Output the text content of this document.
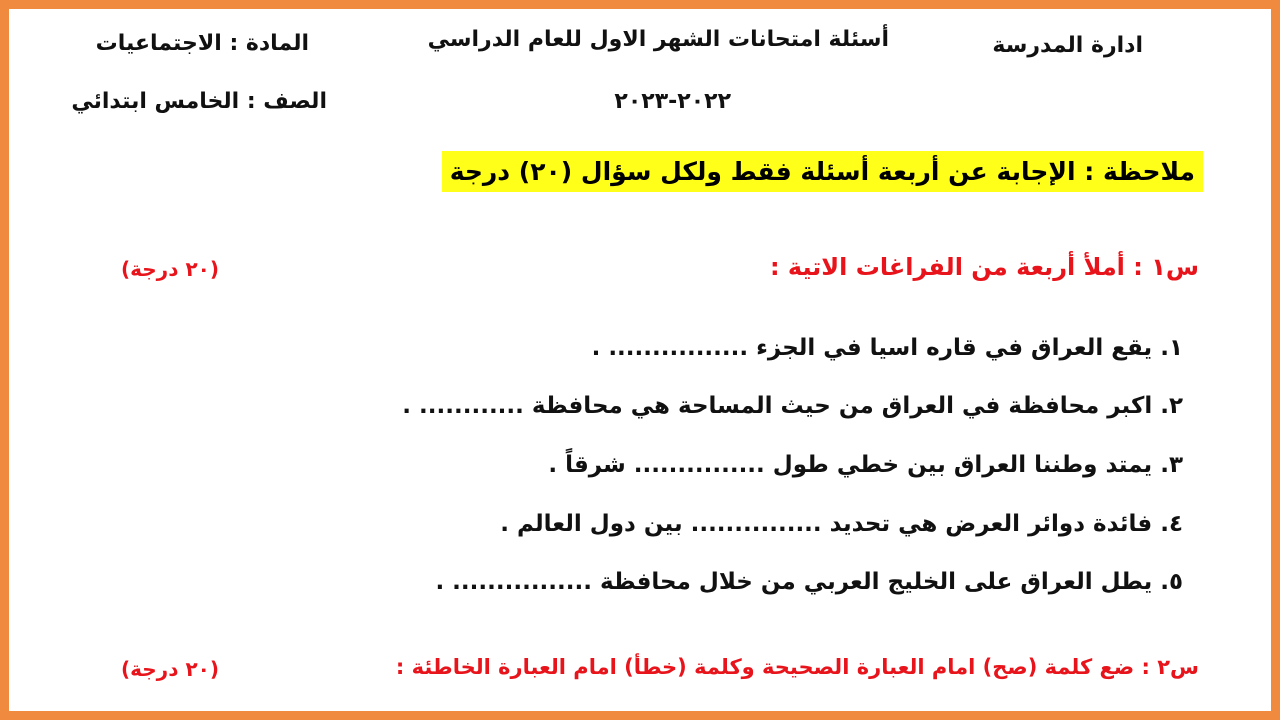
ادارة المدرسة
أسئلة امتحانات الشهر الاول للعام الدراسي
٢٠٢٢-٢٠٢٣
المادة : الاجتماعيات
الصف : الخامس ابتدائي
ملاحظة : الإجابة عن أربعة أسئلة فقط ولكل سؤال (٢٠) درجة
س١ : أملأ أربعة من الفراغات الاتية :
(٢٠ درجة)
١.يقع العراق في قاره اسيا في الجزء ................ .
٢.اكبر محافظة في العراق من حيث المساحة هي محافظة ............ .
٣.يمتد وطننا العراق بين خطي طول ............... شرقاً .
٤.فائدة دوائر العرض هي تحديد ............... بين دول العالم .
٥.يطل العراق على الخليج العربي من خلال محافظة ................ .
س٢ : ضع كلمة (صح) امام العبارة الصحيحة وكلمة (خطأ) امام العبارة الخاطئة :
(٢٠ درجة)
